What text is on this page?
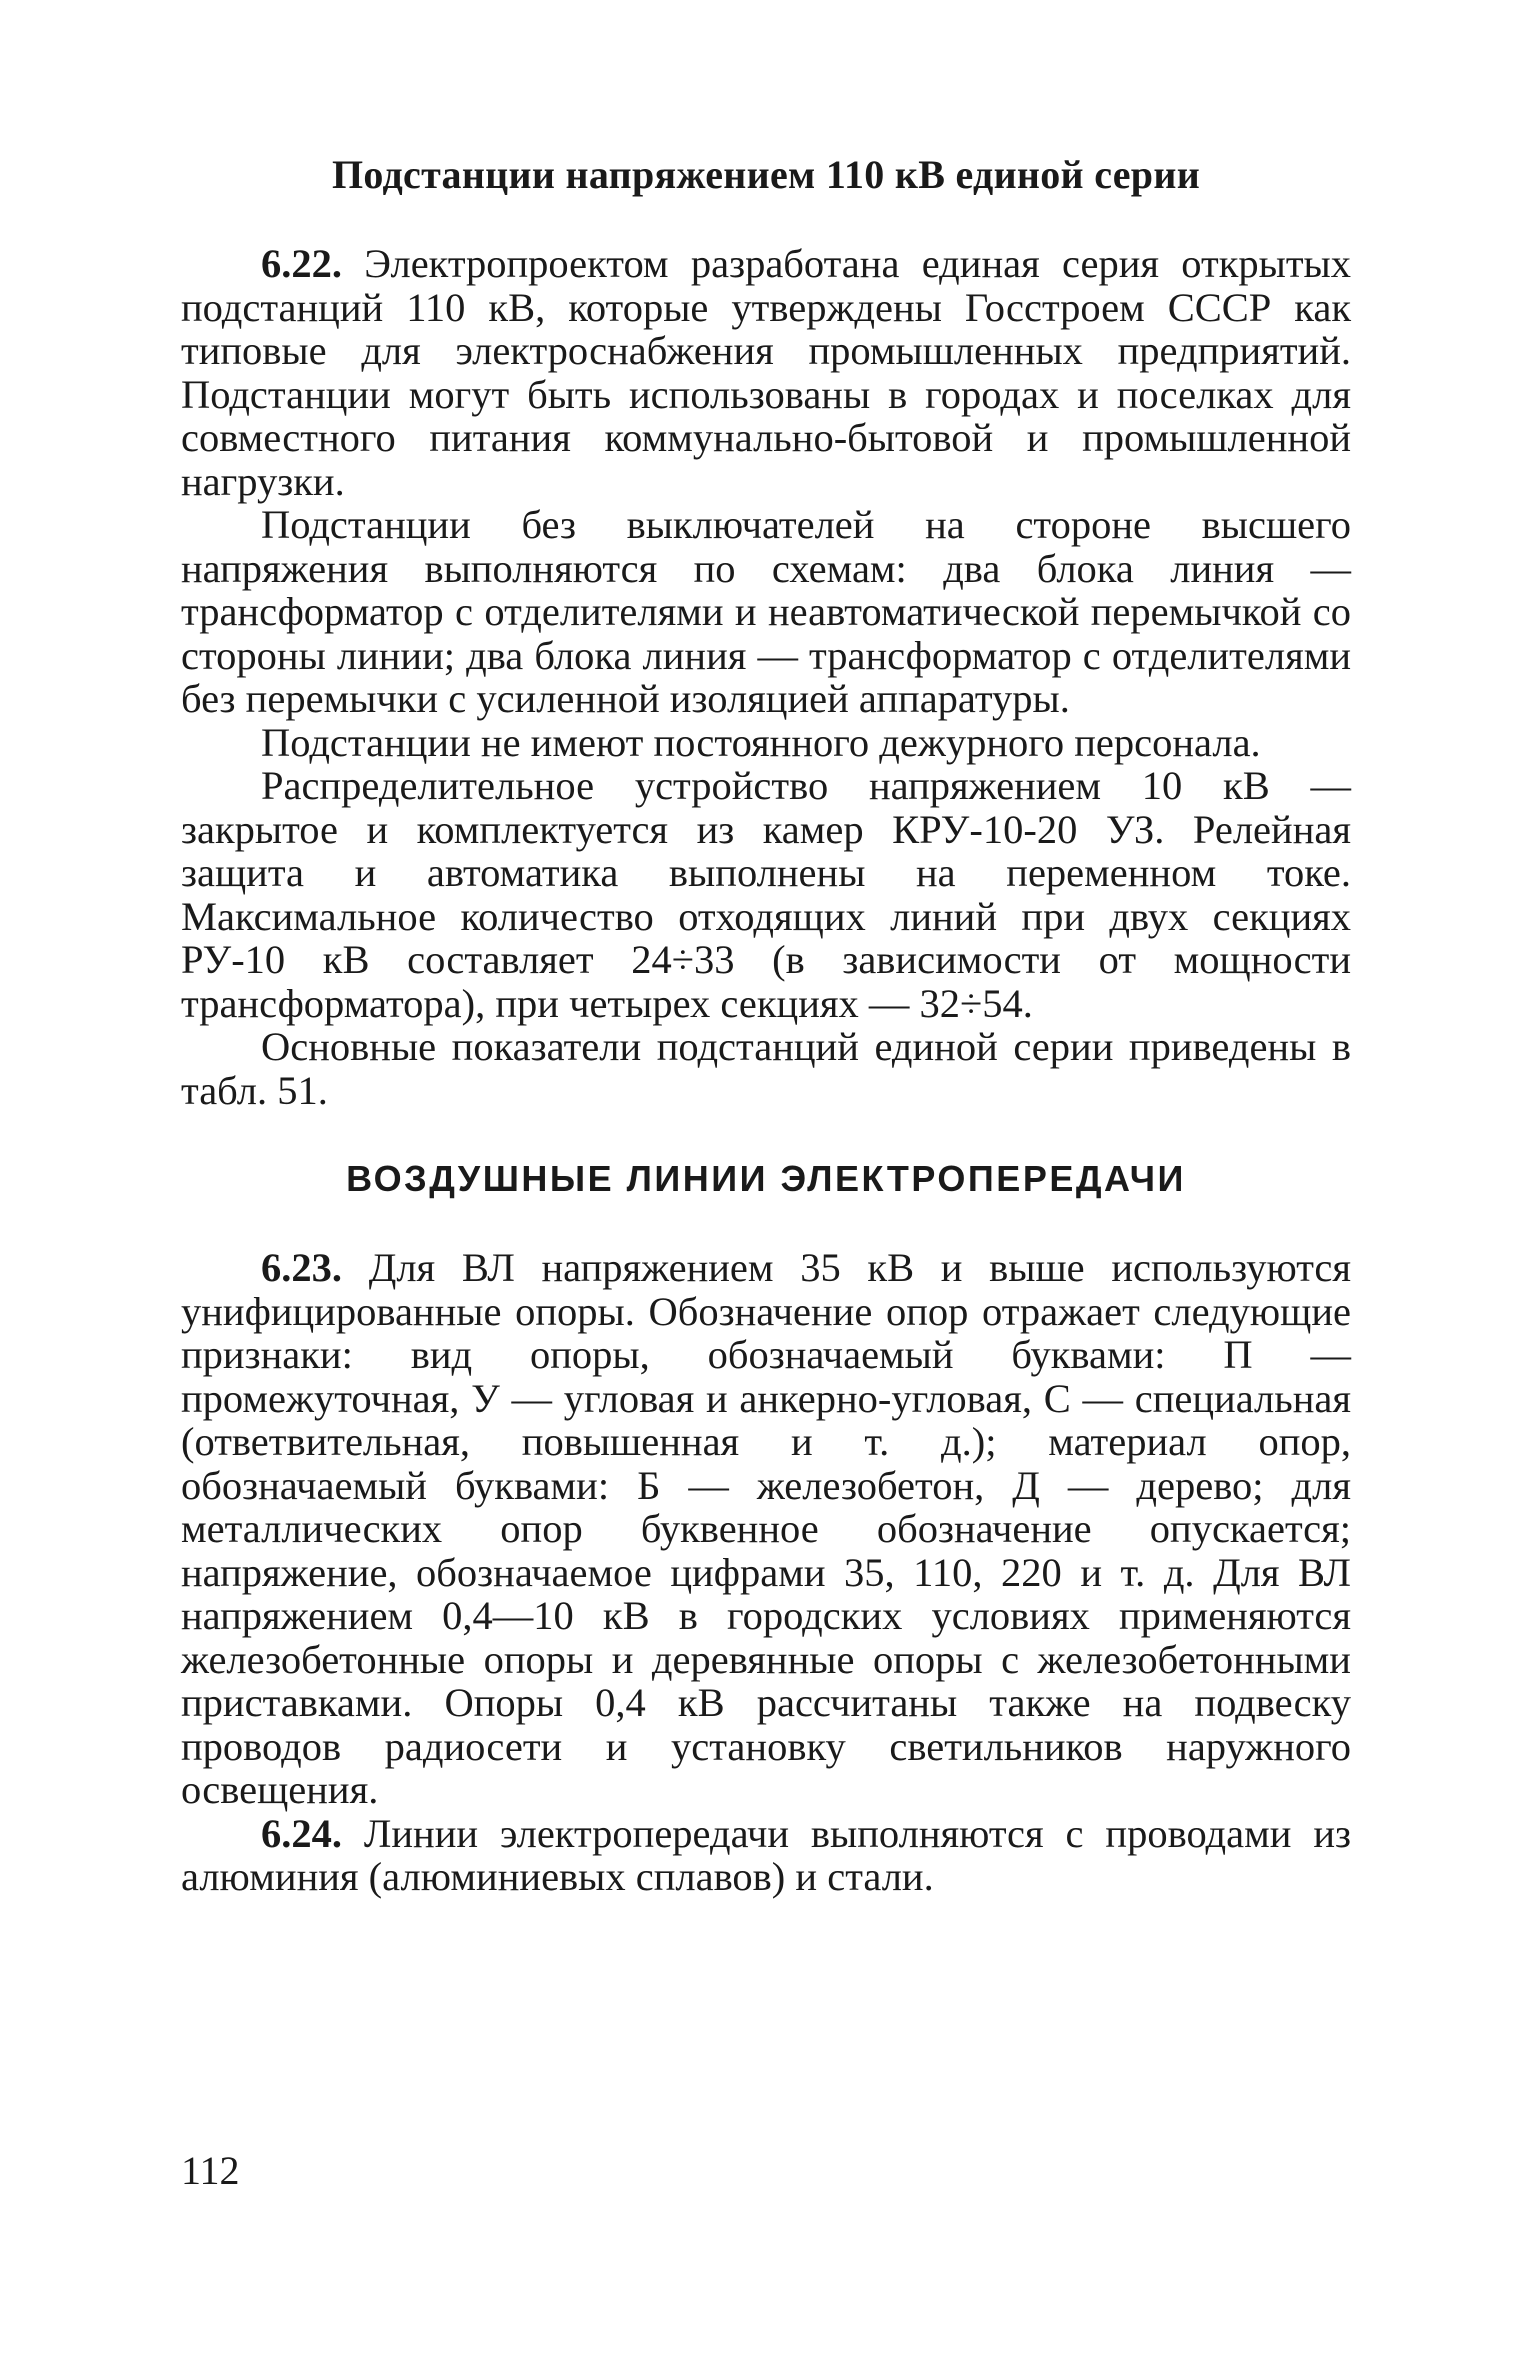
Подстанции напряжением 110 кВ единой серии

6.22. Электропроектом разработана единая серия открытых подстанций 110 кВ, которые утверждены Госстроем СССР как типовые для электроснабжения промышленных предприятий. Подстанции могут быть использованы в городах и поселках для совместного питания коммунально-бытовой и промышленной нагрузки.

Подстанции без выключателей на стороне высшего напряжения выполняются по схемам: два блока линия — трансформатор с отделителями и неавтоматической перемычкой со стороны линии; два блока линия — трансформатор с отделителями без перемычки с усиленной изоляцией аппаратуры.

Подстанции не имеют постоянного дежурного персонала.

Распределительное устройство напряжением 10 кВ — закрытое и комплектуется из камер КРУ-10-20 УЗ. Релейная защита и автоматика выполнены на переменном токе. Максимальное количество отходящих линий при двух секциях РУ-10 кВ составляет 24÷33 (в зависимости от мощности трансформатора), при четырех секциях — 32÷54.

Основные показатели подстанций единой серии приведены в табл. 51.

ВОЗДУШНЫЕ ЛИНИИ ЭЛЕКТРОПЕРЕДАЧИ

6.23. Для ВЛ напряжением 35 кВ и выше используются унифицированные опоры. Обозначение опор отражает следующие признаки: вид опоры, обозначаемый буквами: П — промежуточная, У — угловая и анкерно-угловая, С — специальная (ответвительная, повышенная и т. д.); материал опор, обозначаемый буквами: Б — железобетон, Д — дерево; для металлических опор буквенное обозначение опускается; напряжение, обозначаемое цифрами 35, 110, 220 и т. д. Для ВЛ напряжением 0,4—10 кВ в городских условиях применяются железобетонные опоры и деревянные опоры с железобетонными приставками. Опоры 0,4 кВ рассчитаны также на подвеску проводов радиосети и установку светильников наружного освещения.

6.24. Линии электропередачи выполняются с проводами из алюминия (алюминиевых сплавов) и стали.

112
